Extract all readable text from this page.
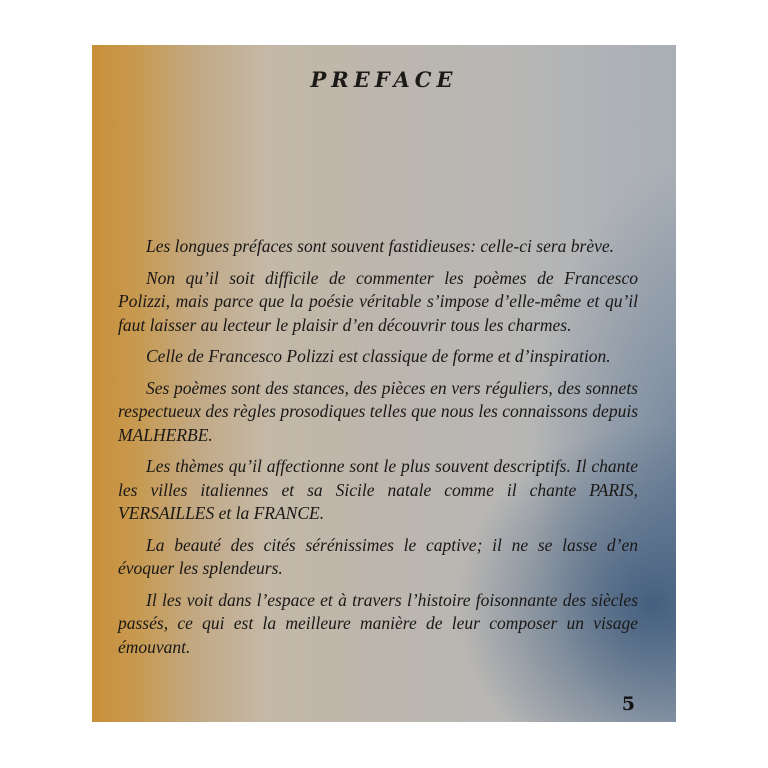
PREFACE

Les longues préfaces sont souvent fastidieuses: celle-ci sera brève.

Non qu’il soit difficile de commenter les poèmes de Francesco Polizzi, mais parce que la poésie véritable s’impose d’elle-même et qu’il faut laisser au lecteur le plaisir d’en découvrir tous les charmes.

Celle de Francesco Polizzi est classique de forme et d’inspiration.

Ses poèmes sont des stances, des pièces en vers réguliers, des sonnets respectueux des règles prosodiques telles que nous les connaissons depuis MALHERBE.

Les thèmes qu’il affectionne sont le plus souvent descriptifs. Il chante les villes italiennes et sa Sicile natale comme il chante PARIS, VERSAILLES et la FRANCE.

La beauté des cités sérénissimes le captive; il ne se lasse d’en évoquer les splendeurs.

Il les voit dans l’espace et à travers l’histoire foisonnante des siècles passés, ce qui est la meilleure manière de leur composer un visage émouvant.

5
